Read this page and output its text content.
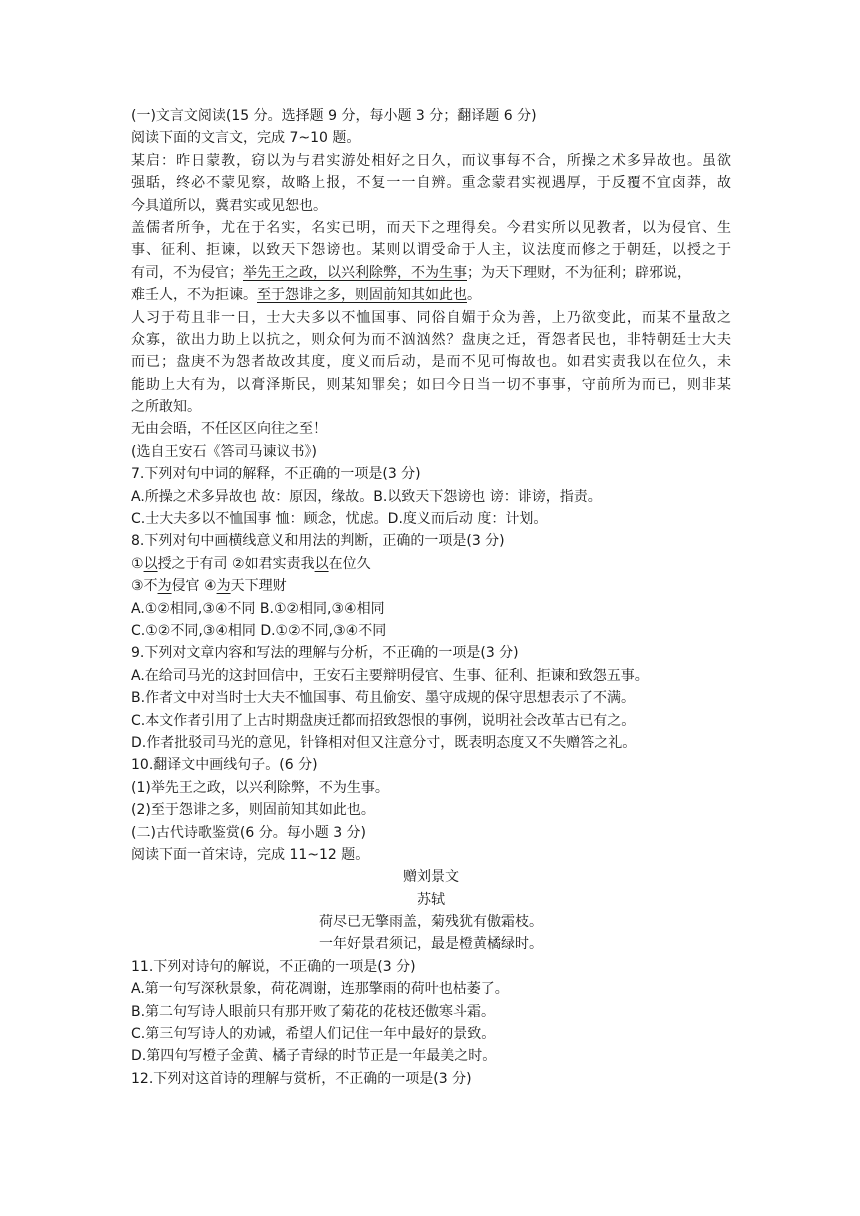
(一)文言文阅读(15 分。选择题 9 分，每小题 3 分；翻译题 6 分)
阅读下面的文言文，完成 7~10 题。
某启：昨日蒙教，窃以为与君实游处相好之日久，而议事每不合，所操之术多异故也。虽欲
强聒，终必不蒙见察，故略上报，不复一一自辨。重念蒙君实视遇厚，于反覆不宜卤莽，故
今具道所以，冀君实或见恕也。
盖儒者所争，尤在于名实，名实已明，而天下之理得矣。今君实所以见教者，以为侵官、生
事、征利、拒谏，以致天下怨谤也。某则以谓受命于人主，议法度而修之于朝廷，以授之于
有司，不为侵官；举先王之政，以兴利除弊，不为生事；为天下理财，不为征利；辟邪说，
难壬人，不为拒谏。至于怨诽之多，则固前知其如此也。
人习于苟且非一日，士大夫多以不恤国事、同俗自媚于众为善，上乃欲变此，而某不量敌之
众寡，欲出力助上以抗之，则众何为而不汹汹然？盘庚之迁，胥怨者民也，非特朝廷士大夫
而已；盘庚不为怨者故改其度，度义而后动，是而不见可悔故也。如君实责我以在位久，未
能助上大有为，以膏泽斯民，则某知罪矣；如曰今日当一切不事事，守前所为而已，则非某
之所敢知。
无由会晤，不任区区向往之至！
(选自王安石《答司马谏议书》)
7.下列对句中词的解释，不正确的一项是(3 分)
A.所操之术多异故也 故：原因，缘故。B.以致天下怨谤也 谤：诽谤，指责。
C.士大夫多以不恤国事 恤：顾念，忧虑。D.度义而后动 度：计划。
8.下列对句中画横线意义和用法的判断，正确的一项是(3 分)
①以授之于有司 ②如君实责我以在位久
③不为侵官 ④为天下理财
A.①②相同,③④不同 B.①②相同,③④相同
C.①②不同,③④相同 D.①②不同,③④不同
9.下列对文章内容和写法的理解与分析，不正确的一项是(3 分)
A.在给司马光的这封回信中，王安石主要辩明侵官、生事、征利、拒谏和致怨五事。
B.作者文中对当时士大夫不恤国事、苟且偷安、墨守成规的保守思想表示了不满。
C.本文作者引用了上古时期盘庚迁都而招致怨恨的事例，说明社会改革古已有之。
D.作者批驳司马光的意见，针锋相对但又注意分寸，既表明态度又不失赠答之礼。
10.翻译文中画线句子。(6 分)
(1)举先王之政，以兴利除弊，不为生事。
(2)至于怨诽之多，则固前知其如此也。
(二)古代诗歌鉴赏(6 分。每小题 3 分)
阅读下面一首宋诗，完成 11~12 题。
赠刘景文
苏轼
荷尽已无擎雨盖，菊残犹有傲霜枝。
一年好景君须记，最是橙黄橘绿时。
11.下列对诗句的解说，不正确的一项是(3 分)
A.第一句写深秋景象，荷花凋谢，连那擎雨的荷叶也枯萎了。
B.第二句写诗人眼前只有那开败了菊花的花枝还傲寒斗霜。
C.第三句写诗人的劝诫，希望人们记住一年中最好的景致。
D.第四句写橙子金黄、橘子青绿的时节正是一年最美之时。
12.下列对这首诗的理解与赏析，不正确的一项是(3 分)
